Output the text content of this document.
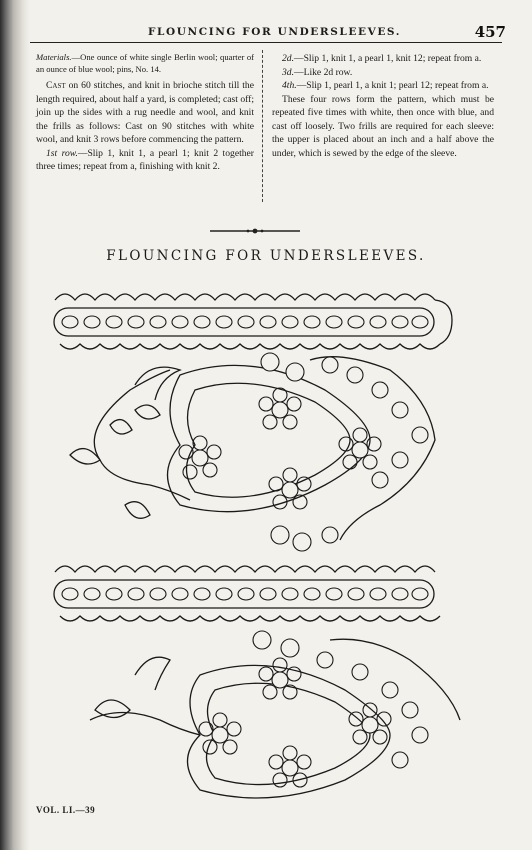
FLOUNCING FOR UNDERSLEEVES.	457

Materials.—One ounce of white single Berlin wool; quarter of an ounce of blue wool; pins, No. 14.

Cast on 60 stitches, and knit in brioche stitch till the length required, about half a yard, is completed; cast off; join up the sides with a rug needle and wool, and knit the frills as follows: Cast on 90 stitches with white wool, and knit 3 rows before commencing the pattern.

1st row.—Slip 1, knit 1, a pearl 1; knit 2 together three times; repeat from a, finishing with knit 2.

2d.—Slip 1, knit 1, a pearl 1, knit 12; repeat from a.

3d.—Like 2d row.

4th.—Slip 1, pearl 1, a knit 1; pearl 12; repeat from a.

These four rows form the pattern, which must be repeated five times with white, then once with blue, and cast off loosely. Two frills are required for each sleeve: the upper is placed about an inch and a half above the under, which is sewed by the edge of the sleeve.

FLOUNCING FOR UNDERSLEEVES.
VOL. LI.—39
